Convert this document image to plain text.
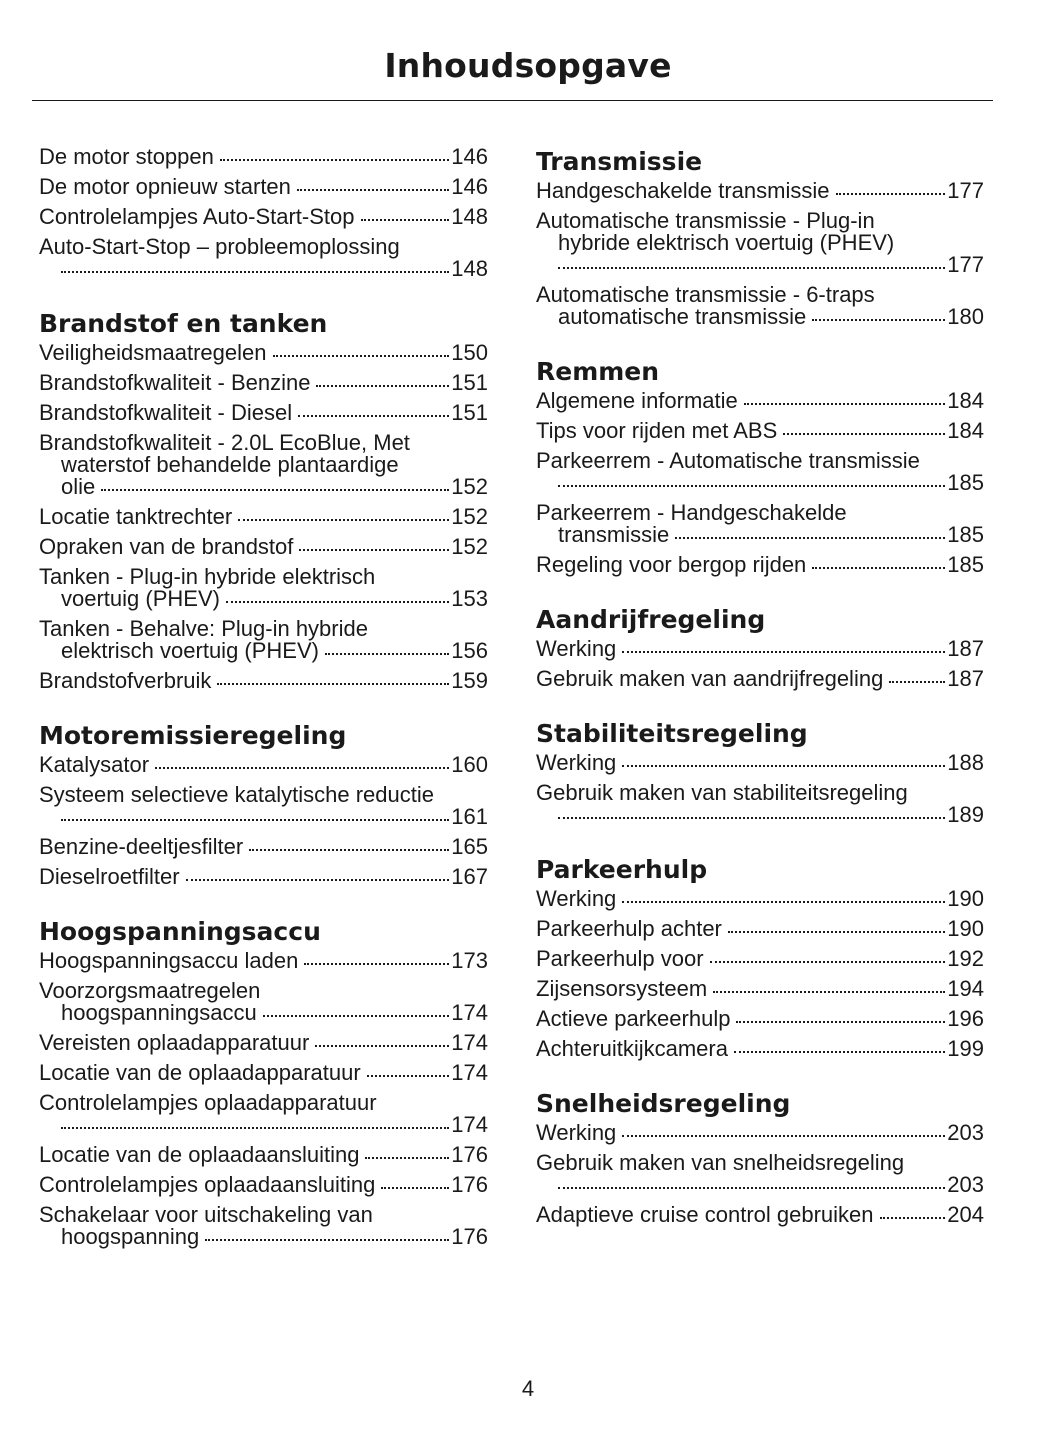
Inhoudsopgave
De motor stoppen	146
De motor opnieuw starten	146
Controlelampjes Auto-Start-Stop	148
Auto-Start-Stop – probleemoplossing
148
Brandstof en tanken
Veiligheidsmaatregelen	150
Brandstofkwaliteit - Benzine	151
Brandstofkwaliteit - Diesel	151
Brandstofkwaliteit - 2.0L EcoBlue, Met
waterstof behandelde plantaardige
olie	152
Locatie tanktrechter	152
Opraken van de brandstof	152
Tanken - Plug-in hybride elektrisch
voertuig (PHEV)	153
Tanken - Behalve: Plug-in hybride
elektrisch voertuig (PHEV)	156
Brandstofverbruik	159
Motoremissieregeling
Katalysator	160
Systeem selectieve katalytische reductie
161
Benzine-deeltjesfilter	165
Dieselroetfilter	167
Hoogspanningsaccu
Hoogspanningsaccu laden	173
Voorzorgsmaatregelen
hoogspanningsaccu	174
Vereisten oplaadapparatuur	174
Locatie van de oplaadapparatuur	174
Controlelampjes oplaadapparatuur
174
Locatie van de oplaadaansluiting	176
Controlelampjes oplaadaansluiting	176
Schakelaar voor uitschakeling van
hoogspanning	176
Transmissie
Handgeschakelde transmissie	177
Automatische transmissie - Plug-in
hybride elektrisch voertuig (PHEV)
177
Automatische transmissie - 6-traps
automatische transmissie	180
Remmen
Algemene informatie	184
Tips voor rijden met ABS	184
Parkeerrem - Automatische transmissie
185
Parkeerrem - Handgeschakelde
transmissie	185
Regeling voor bergop rijden	185
Aandrijfregeling
Werking	187
Gebruik maken van aandrijfregeling	187
Stabiliteitsregeling
Werking	188
Gebruik maken van stabiliteitsregeling
189
Parkeerhulp
Werking	190
Parkeerhulp achter	190
Parkeerhulp voor	192
Zijsensorsysteem	194
Actieve parkeerhulp	196
Achteruitkijkcamera	199
Snelheidsregeling
Werking	203
Gebruik maken van snelheidsregeling
203
Adaptieve cruise control gebruiken	204
4
